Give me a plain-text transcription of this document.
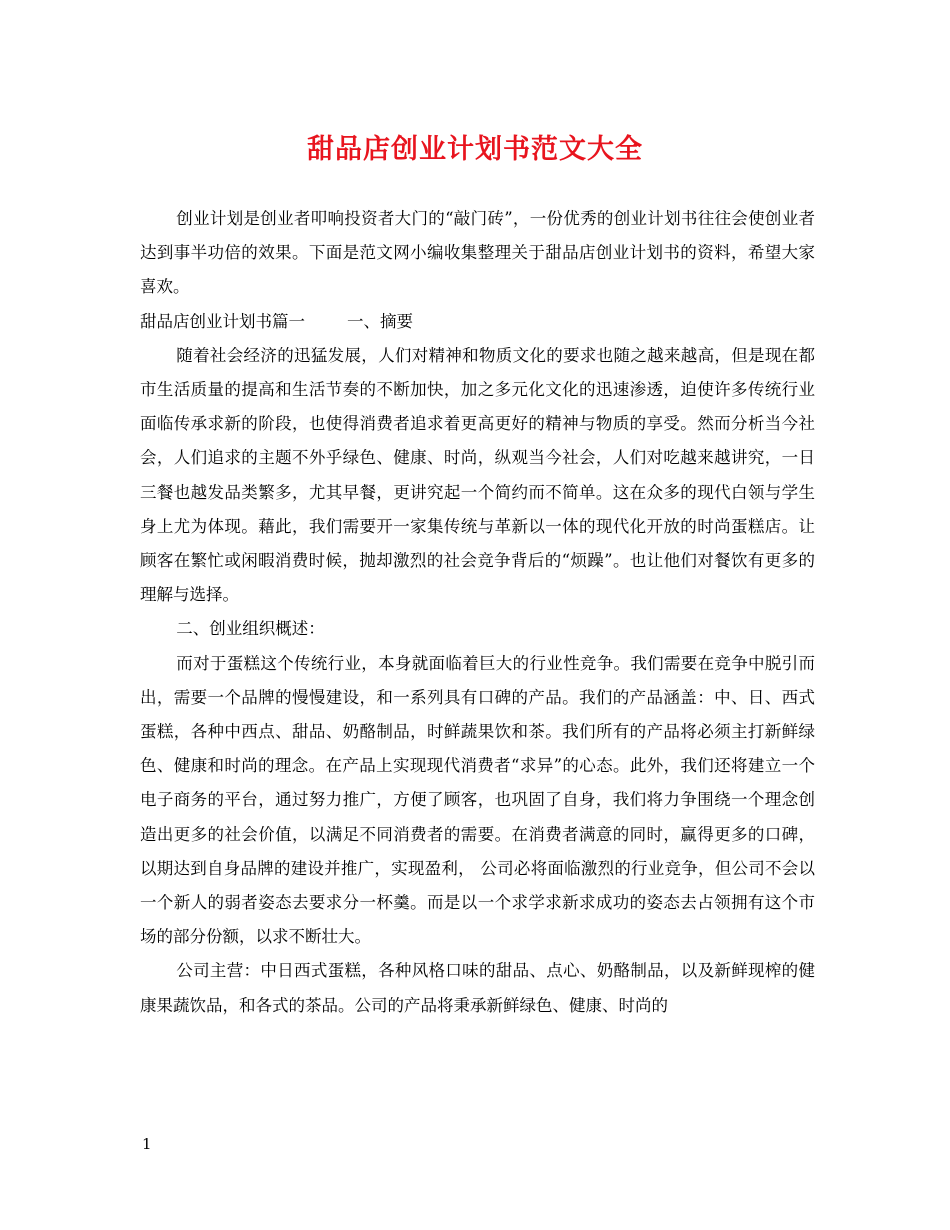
甜品店创业计划书范文大全

创业计划是创业者叩响投资者大门的“敲门砖”，一份优秀的创业计划书往往会使创业者达到事半功倍的效果。下面是范文网小编收集整理关于甜品店创业计划书的资料，希望大家喜欢。

甜品店创业计划书篇一        一、摘要

随着社会经济的迅猛发展，人们对精神和物质文化的要求也随之越来越高，但是现在都市生活质量的提高和生活节奏的不断加快，加之多元化文化的迅速渗透，迫使许多传统行业面临传承求新的阶段，也使得消费者追求着更高更好的精神与物质的享受。然而分析当今社会，人们追求的主题不外乎绿色、健康、时尚，纵观当今社会，人们对吃越来越讲究，一日三餐也越发品类繁多，尤其早餐，更讲究起一个简约而不简单。这在众多的现代白领与学生身上尤为体现。藉此，我们需要开一家集传统与革新以一体的现代化开放的时尚蛋糕店。让顾客在繁忙或闲暇消费时候，抛却激烈的社会竞争背后的“烦躁”。也让他们对餐饮有更多的理解与选择。

二、创业组织概述：

而对于蛋糕这个传统行业，本身就面临着巨大的行业性竞争。我们需要在竞争中脱引而出，需要一个品牌的慢慢建设，和一系列具有口碑的产品。我们的产品涵盖：中、日、西式蛋糕，各种中西点、甜品、奶酪制品，时鲜蔬果饮和茶。我们所有的产品将必须主打新鲜绿色、健康和时尚的理念。在产品上实现现代消费者“求异”的心态。此外，我们还将建立一个电子商务的平台，通过努力推广，方便了顾客，也巩固了自身，我们将力争围绕一个理念创造出更多的社会价值，以满足不同消费者的需要。在消费者满意的同时，赢得更多的口碑，以期达到自身品牌的建设并推广，实现盈利， 公司必将面临激烈的行业竞争，但公司不会以一个新人的弱者姿态去要求分一杯羹。而是以一个求学求新求成功的姿态去占领拥有这个市场的部分份额，以求不断壮大。

公司主营：中日西式蛋糕，各种风格口味的甜品、点心、奶酪制品，以及新鲜现榨的健康果蔬饮品，和各式的茶品。公司的产品将秉承新鲜绿色、健康、时尚的

1
